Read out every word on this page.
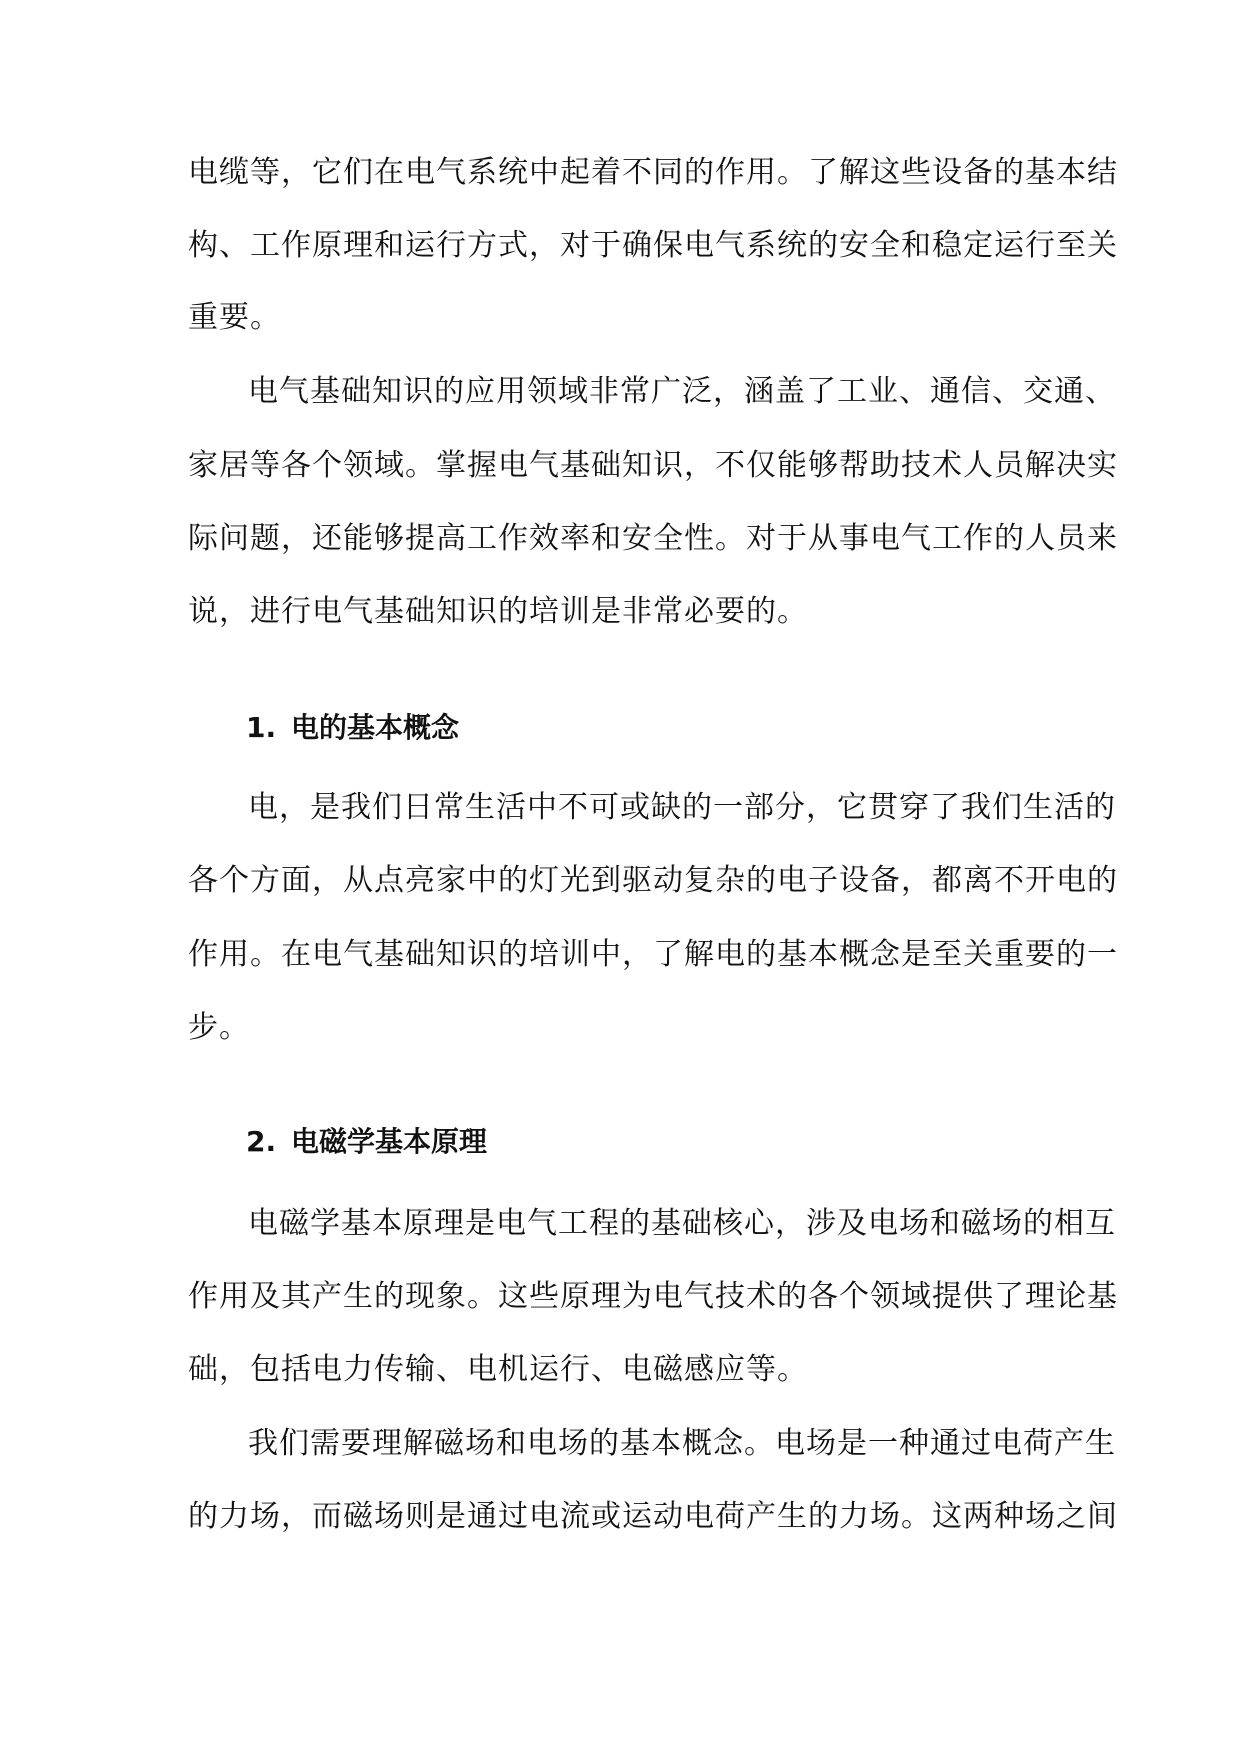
电缆等，它们在电气系统中起着不同的作用。了解这些设备的基本结
构、工作原理和运行方式，对于确保电气系统的安全和稳定运行至关
重要。
电气基础知识的应用领域非常广泛，涵盖了工业、通信、交通、
家居等各个领域。掌握电气基础知识，不仅能够帮助技术人员解决实
际问题，还能够提高工作效率和安全性。对于从事电气工作的人员来
说，进行电气基础知识的培训是非常必要的。
1. 电的基本概念
电，是我们日常生活中不可或缺的一部分，它贯穿了我们生活的
各个方面，从点亮家中的灯光到驱动复杂的电子设备，都离不开电的
作用。在电气基础知识的培训中，了解电的基本概念是至关重要的一
步。
2. 电磁学基本原理
电磁学基本原理是电气工程的基础核心，涉及电场和磁场的相互
作用及其产生的现象。这些原理为电气技术的各个领域提供了理论基
础，包括电力传输、电机运行、电磁感应等。
我们需要理解磁场和电场的基本概念。电场是一种通过电荷产生
的力场，而磁场则是通过电流或运动电荷产生的力场。这两种场之间
